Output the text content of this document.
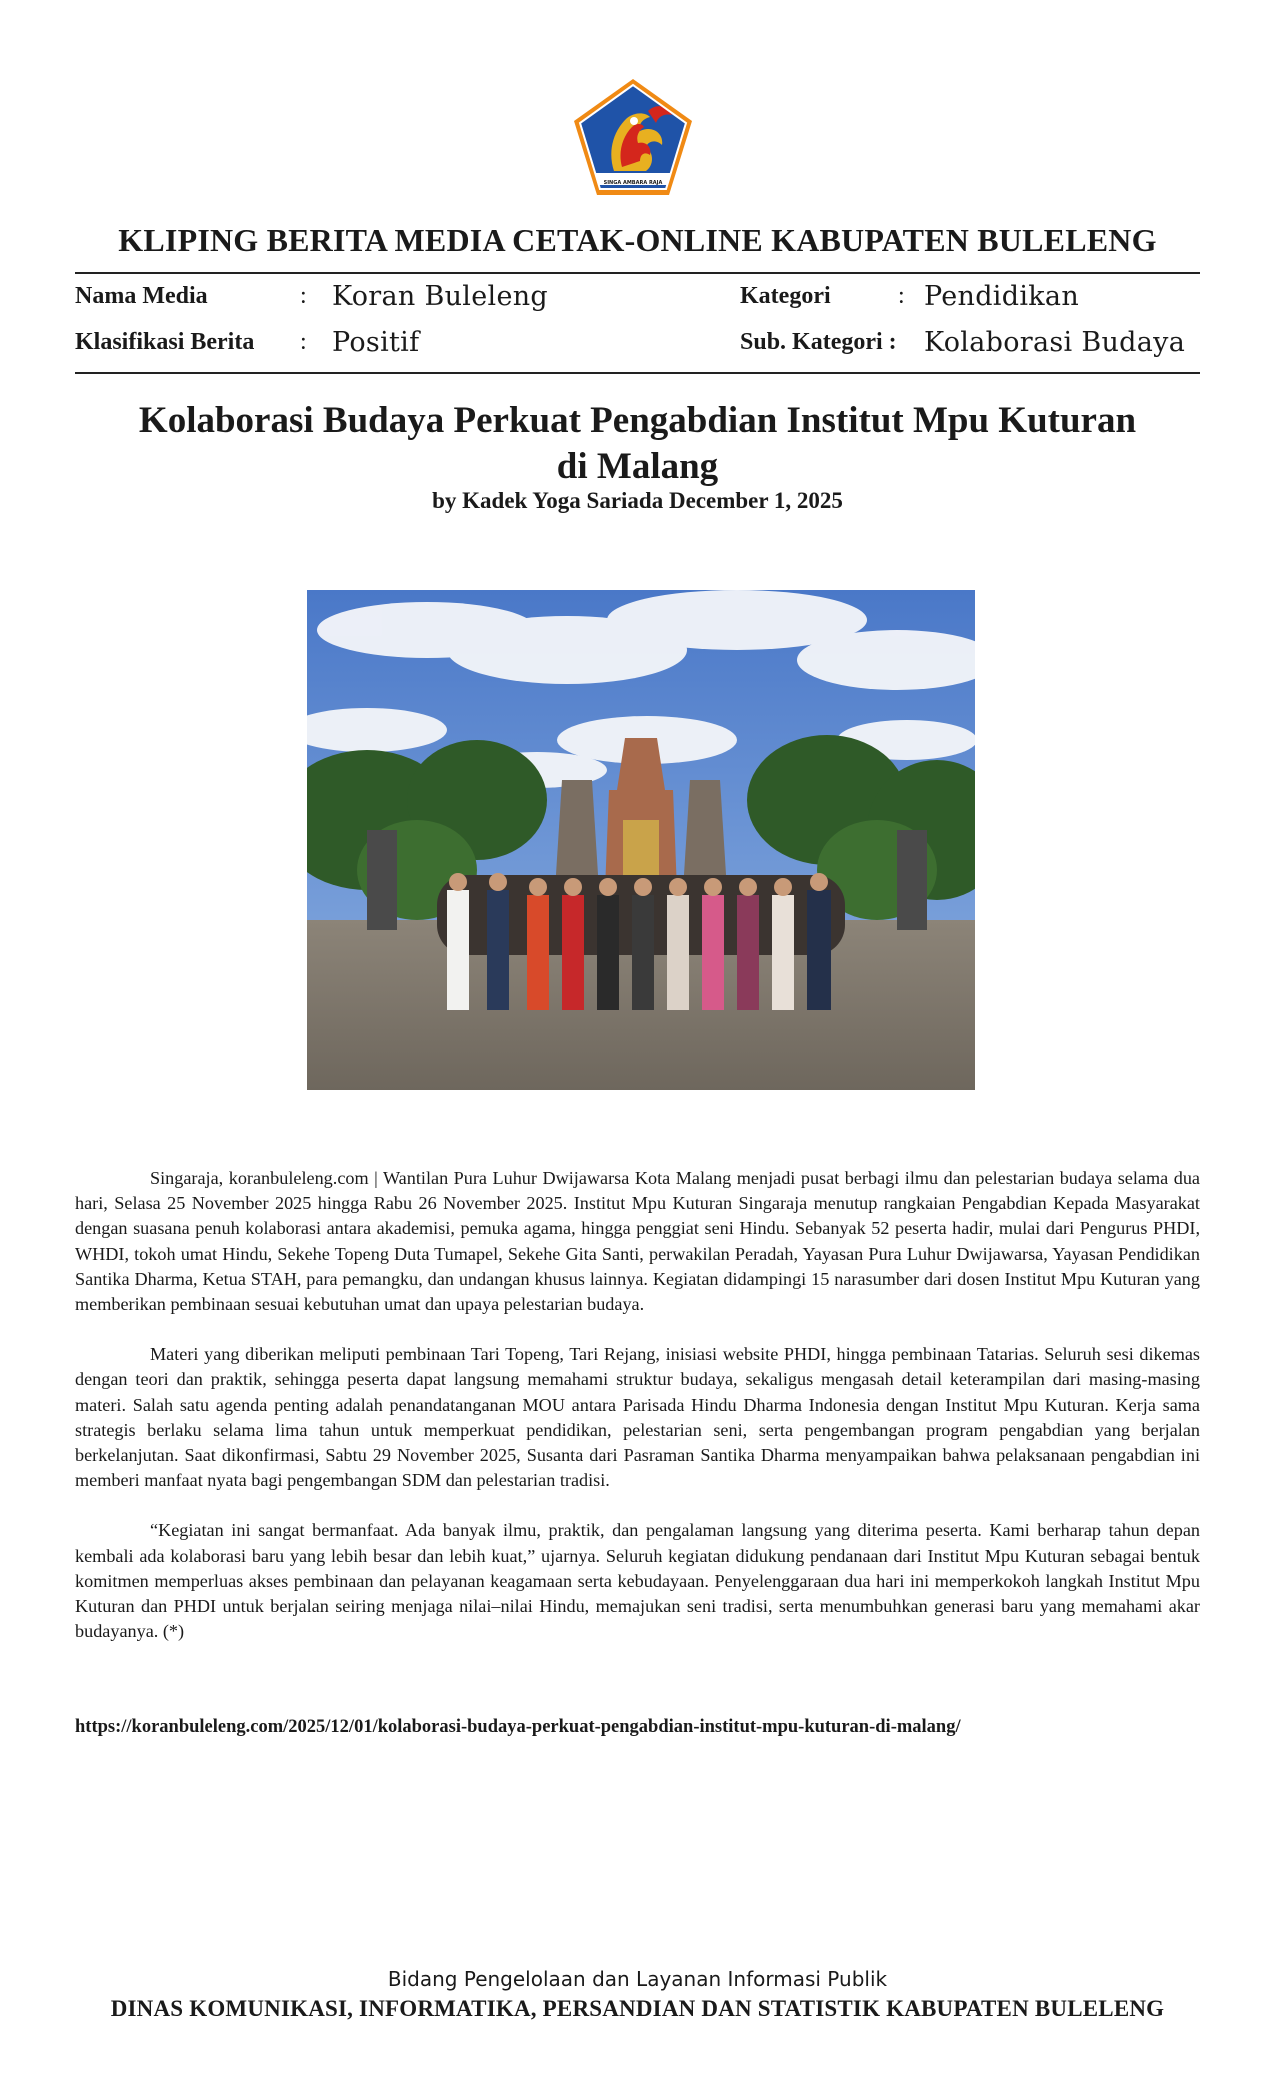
SINGA AMBARA RAJA
KLIPING BERITA MEDIA CETAK-ONLINE KABUPATEN BULELENG
Nama Media	: Koran Buleleng	Kategori	: Pendidikan
Klasifikasi Berita : Positif	Sub. Kategori : Kolaborasi Budaya
Kolaborasi Budaya Perkuat Pengabdian Institut Mpu Kuturan
di Malang
by Kadek Yoga Sariada December 1, 2025

Singaraja, koranbuleleng.com | Wantilan Pura Luhur Dwijawarsa Kota Malang menjadi pusat berbagi ilmu dan pelestarian budaya selama dua hari, Selasa 25 November 2025 hingga Rabu 26 November 2025. Institut Mpu Kuturan Singaraja menutup rangkaian Pengabdian Kepada Masyarakat dengan suasana penuh kolaborasi antara akademisi, pemuka agama, hingga penggiat seni Hindu. Sebanyak 52 peserta hadir, mulai dari Pengurus PHDI, WHDI, tokoh umat Hindu, Sekehe Topeng Duta Tumapel, Sekehe Gita Santi, perwakilan Peradah, Yayasan Pura Luhur Dwijawarsa, Yayasan Pendidikan Santika Dharma, Ketua STAH, para pemangku, dan undangan khusus lainnya. Kegiatan didampingi 15 narasumber dari dosen Institut Mpu Kuturan yang memberikan pembinaan sesuai kebutuhan umat dan upaya pelestarian budaya.

Materi yang diberikan meliputi pembinaan Tari Topeng, Tari Rejang, inisiasi website PHDI, hingga pembinaan Tatarias. Seluruh sesi dikemas dengan teori dan praktik, sehingga peserta dapat langsung memahami struktur budaya, sekaligus mengasah detail keterampilan dari masing-masing materi. Salah satu agenda penting adalah penandatanganan MOU antara Parisada Hindu Dharma Indonesia dengan Institut Mpu Kuturan. Kerja sama strategis berlaku selama lima tahun untuk memperkuat pendidikan, pelestarian seni, serta pengembangan program pengabdian yang berjalan berkelanjutan. Saat dikonfirmasi, Sabtu 29 November 2025, Susanta dari Pasraman Santika Dharma menyampaikan bahwa pelaksanaan pengabdian ini memberi manfaat nyata bagi pengembangan SDM dan pelestarian tradisi.

“Kegiatan ini sangat bermanfaat. Ada banyak ilmu, praktik, dan pengalaman langsung yang diterima peserta. Kami berharap tahun depan kembali ada kolaborasi baru yang lebih besar dan lebih kuat,” ujarnya. Seluruh kegiatan didukung pendanaan dari Institut Mpu Kuturan sebagai bentuk komitmen memperluas akses pembinaan dan pelayanan keagamaan serta kebudayaan. Penyelenggaraan dua hari ini memperkokoh langkah Institut Mpu Kuturan dan PHDI untuk berjalan seiring menjaga nilai–nilai Hindu, memajukan seni tradisi, serta menumbuhkan generasi baru yang memahami akar budayanya. (*)

https://koranbuleleng.com/2025/12/01/kolaborasi-budaya-perkuat-pengabdian-institut-mpu-kuturan-di-malang/
Bidang Pengelolaan dan Layanan Informasi Publik
DINAS KOMUNIKASI, INFORMATIKA, PERSANDIAN DAN STATISTIK KABUPATEN BULELENG
